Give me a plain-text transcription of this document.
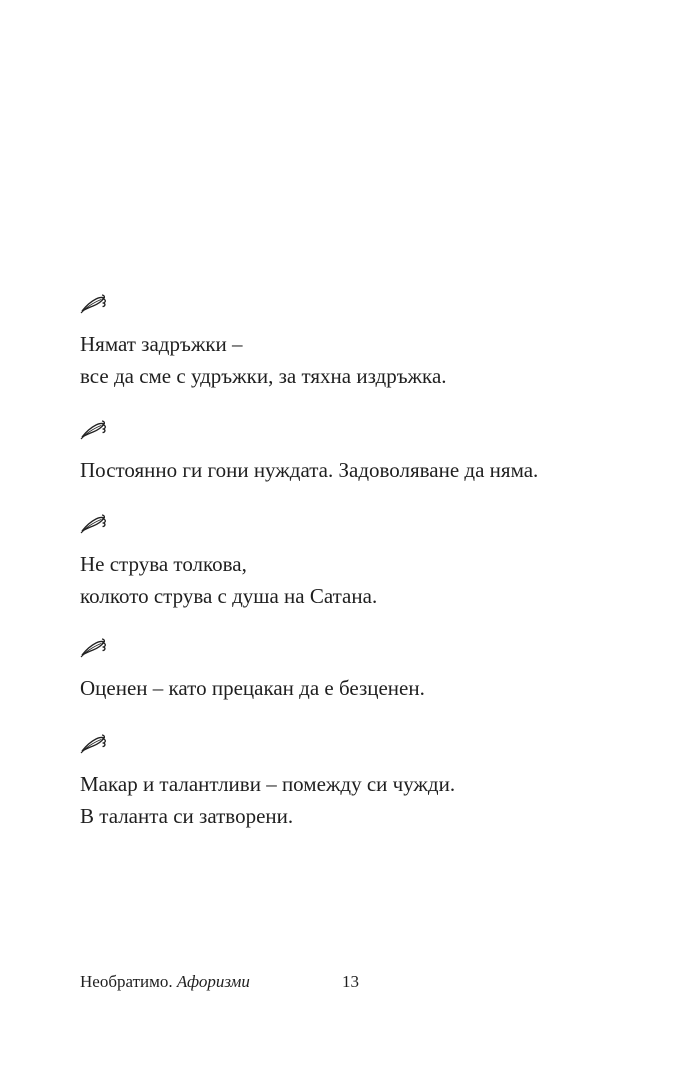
Нямат задръжки –
все да сме с удръжки, за тяхна издръжка.
Постоянно ги гони нуждата. Задоволяване да няма.
Не струва толкова,
колкото струва с душа на Сатана.
Оценен – като прецакан да е безценен.
Макар и талантливи – помежду си чужди.
В таланта си затворени.
Необратимо. Афоризми	13
